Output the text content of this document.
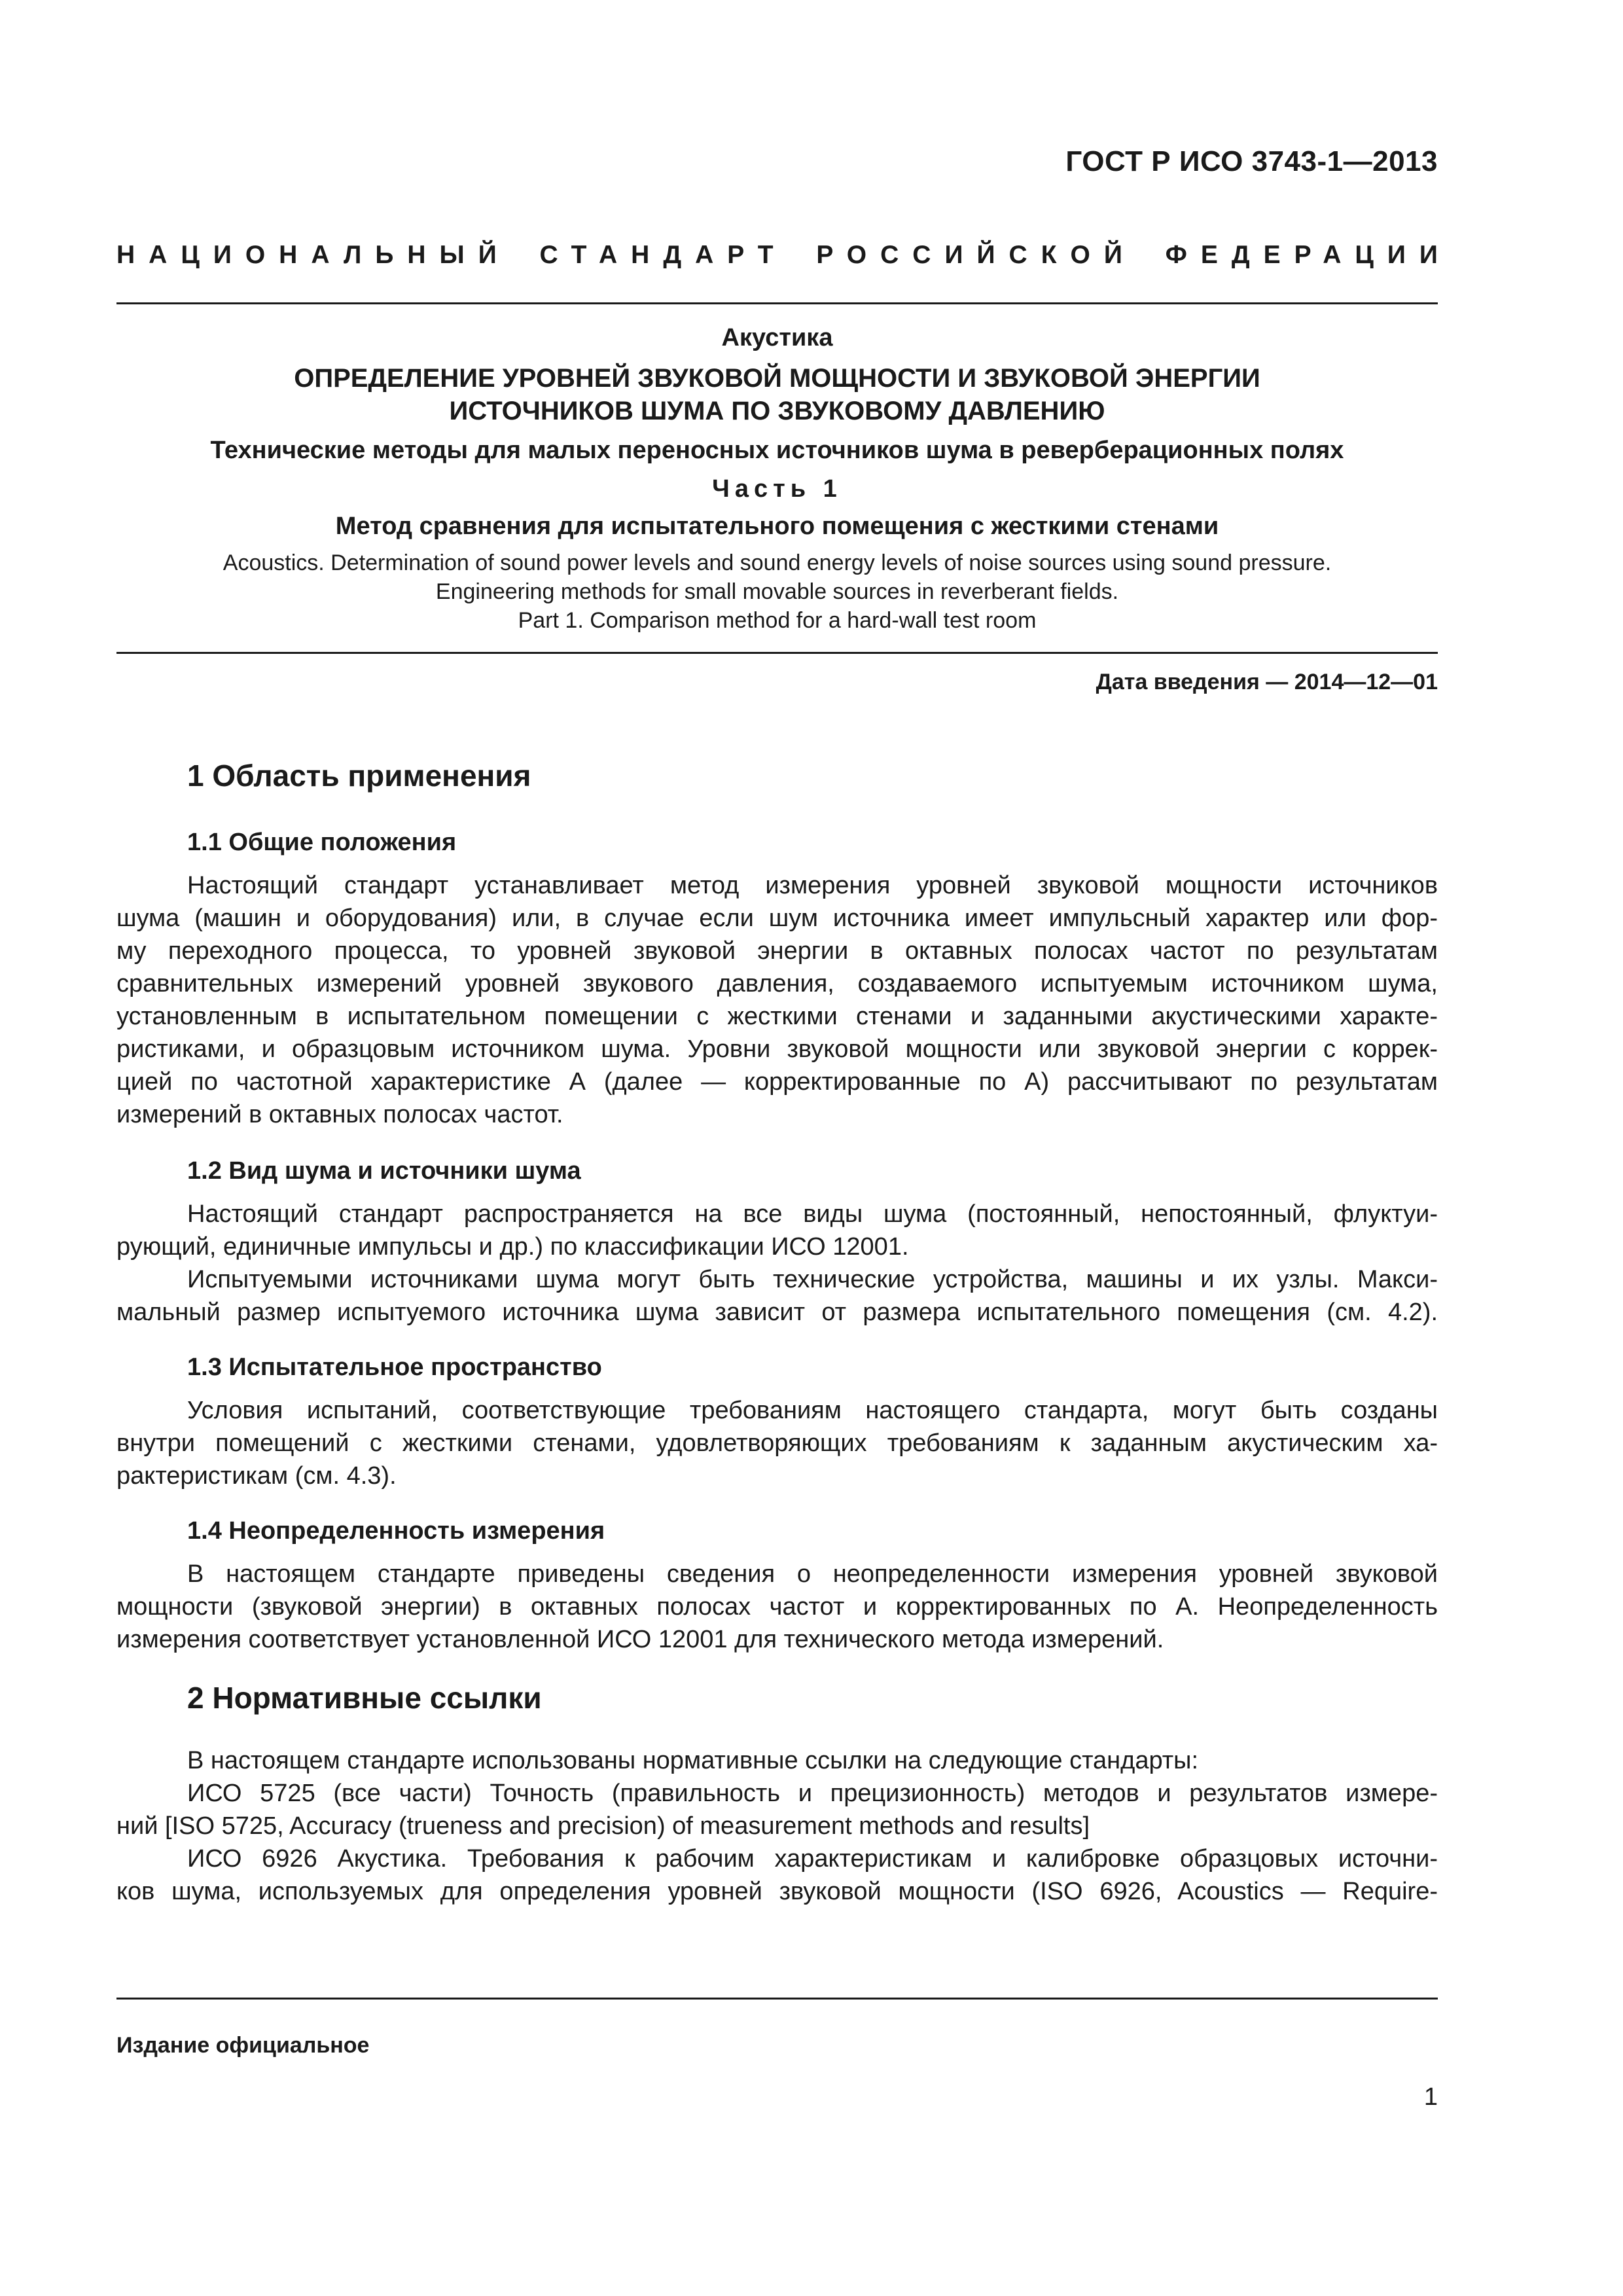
ГОСТ Р ИСО 3743-1—2013
НАЦИОНАЛЬНЫЙ СТАНДАРТ РОССИЙСКОЙ ФЕДЕРАЦИИ
Акустика
ОПРЕДЕЛЕНИЕ УРОВНЕЙ ЗВУКОВОЙ МОЩНОСТИ И ЗВУКОВОЙ ЭНЕРГИИ
ИСТОЧНИКОВ ШУМА ПО ЗВУКОВОМУ ДАВЛЕНИЮ
Технические методы для малых переносных источников шума в реверберационных полях
Часть 1
Метод сравнения для испытательного помещения с жесткими стенами
Acoustics. Determination of sound power levels and sound energy levels of noise sources using sound pressure.
Engineering methods for small movable sources in reverberant fields.
Part 1. Comparison method for a hard-wall test room
Дата введения — 2014—12—01
1 Область применения
1.1 Общие положения
Настоящий стандарт устанавливает метод измерения уровней звуковой мощности источников
шума (машин и оборудования) или, в случае если шум источника имеет импульсный характер или фор-
му переходного процесса, то уровней звуковой энергии в октавных полосах частот по результатам
сравнительных измерений уровней звукового давления, создаваемого испытуемым источником шума,
установленным в испытательном помещении с жесткими стенами и заданными акустическими характе-
ристиками, и образцовым источником шума. Уровни звуковой мощности или звуковой энергии с коррек-
цией по частотной характеристике А (далее — корректированные по А) рассчитывают по результатам
измерений в октавных полосах частот.
1.2 Вид шума и источники шума
Настоящий стандарт распространяется на все виды шума (постоянный, непостоянный, флуктуи-
рующий, единичные импульсы и др.) по классификации ИСО 12001.
Испытуемыми источниками шума могут быть технические устройства, машины и их узлы. Макси-
мальный размер испытуемого источника шума зависит от размера испытательного помещения (см. 4.2).
1.3 Испытательное пространство
Условия испытаний, соответствующие требованиям настоящего стандарта, могут быть созданы
внутри помещений с жесткими стенами, удовлетворяющих требованиям к заданным акустическим ха-
рактеристикам (см. 4.3).
1.4 Неопределенность измерения
В настоящем стандарте приведены сведения о неопределенности измерения уровней звуковой
мощности (звуковой энергии) в октавных полосах частот и корректированных по А. Неопределенность
измерения соответствует установленной ИСО 12001 для технического метода измерений.
2 Нормативные ссылки
В настоящем стандарте использованы нормативные ссылки на следующие стандарты:
ИСО 5725 (все части) Точность (правильность и прецизионность) методов и результатов измере-
ний [ISO 5725, Accuracy (trueness and precision) of measurement methods and results]
ИСО 6926 Акустика. Требования к рабочим характеристикам и калибровке образцовых источни-
ков шума, используемых для определения уровней звуковой мощности (ISO 6926, Acoustics — Require-
Издание официальное
1
